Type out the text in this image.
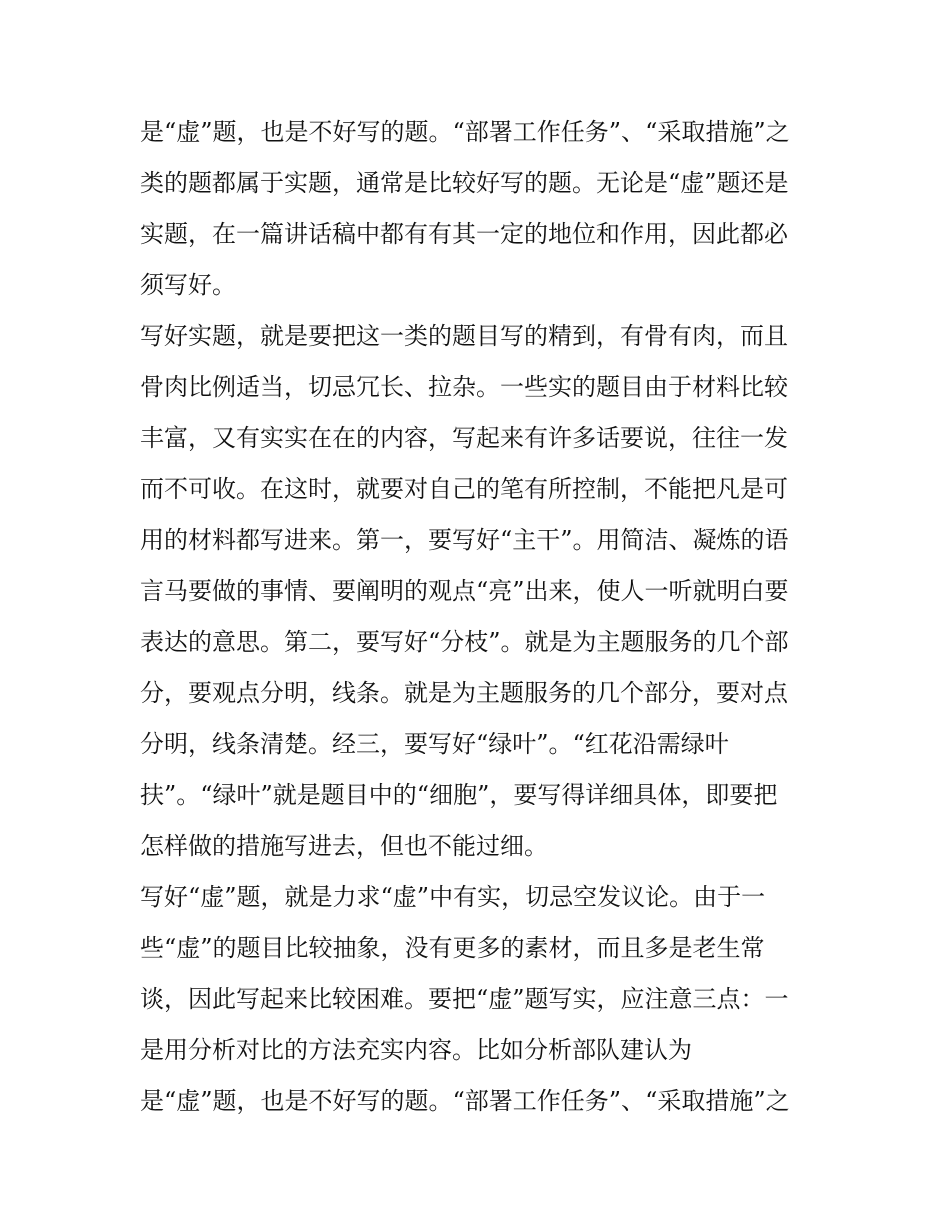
是“虚”题，也是不好写的题。“部署工作任务”、“采取措施”之
类的题都属于实题，通常是比较好写的题。无论是“虚”题还是
实题，在一篇讲话稿中都有有其一定的地位和作用，因此都必
须写好。
写好实题，就是要把这一类的题目写的精到，有骨有肉，而且
骨肉比例适当，切忌冗长、拉杂。一些实的题目由于材料比较
丰富，又有实实在在的内容，写起来有许多话要说，往往一发
而不可收。在这时，就要对自己的笔有所控制，不能把凡是可
用的材料都写进来。第一，要写好“主干”。用简洁、凝炼的语
言马要做的事情、要阐明的观点“亮”出来，使人一听就明白要
表达的意思。第二，要写好“分枝”。就是为主题服务的几个部
分，要观点分明，线条。就是为主题服务的几个部分，要对点
分明，线条清楚。经三，要写好“绿叶”。“红花沿需绿叶
扶”。“绿叶”就是题目中的“细胞”，要写得详细具体，即要把
怎样做的措施写进去，但也不能过细。
写好“虚”题，就是力求“虚”中有实，切忌空发议论。由于一
些“虚”的题目比较抽象，没有更多的素材，而且多是老生常
谈，因此写起来比较困难。要把“虚”题写实，应注意三点：一
是用分析对比的方法充实内容。比如分析部队建认为
是“虚”题，也是不好写的题。“部署工作任务”、“采取措施”之
